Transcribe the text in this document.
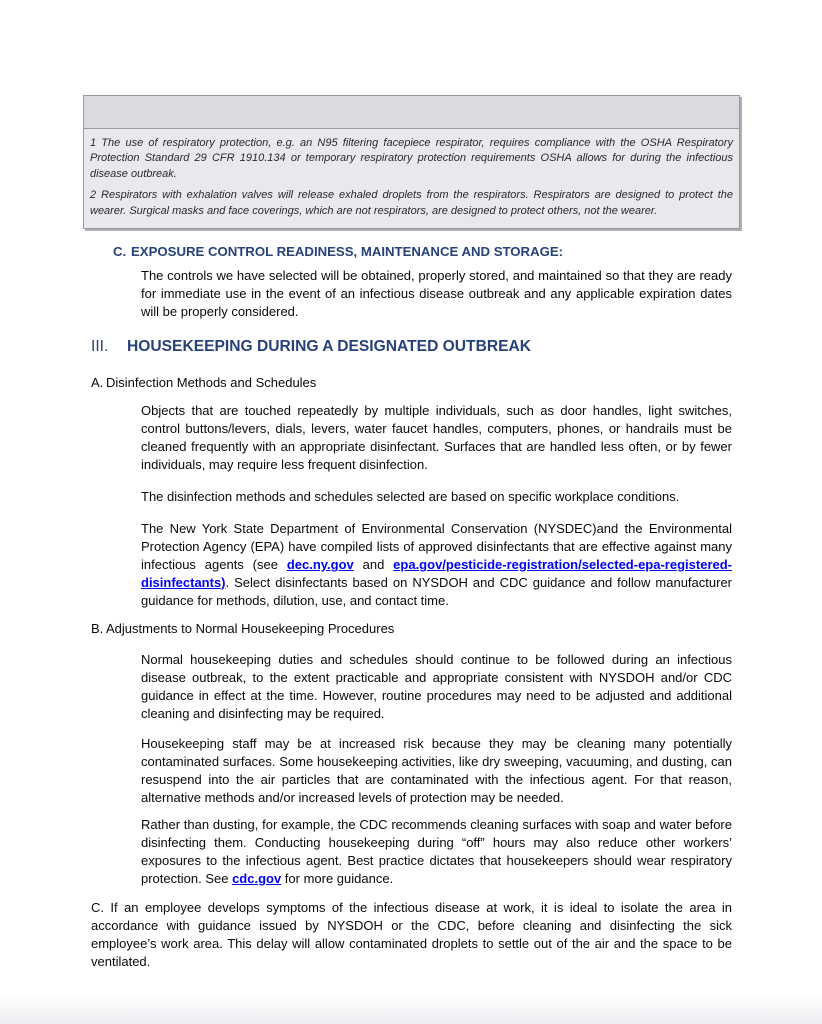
1 The use of respiratory protection, e.g. an N95 filtering facepiece respirator, requires compliance with the OSHA Respiratory Protection Standard 29 CFR 1910.134 or temporary respiratory protection requirements OSHA allows for during the infectious disease outbreak.

2 Respirators with exhalation valves will release exhaled droplets from the respirators. Respirators are designed to protect the wearer. Surgical masks and face coverings, which are not respirators, are designed to protect others, not the wearer.

C. EXPOSURE CONTROL READINESS, MAINTENANCE AND STORAGE:

The controls we have selected will be obtained, properly stored, and maintained so that they are ready for immediate use in the event of an infectious disease outbreak and any applicable expiration dates will be properly considered.

III. HOUSEKEEPING DURING A DESIGNATED OUTBREAK
A. Disinfection Methods and Schedules

Objects that are touched repeatedly by multiple individuals, such as door handles, light switches, control buttons/levers, dials, levers, water faucet handles, computers, phones, or handrails must be cleaned frequently with an appropriate disinfectant. Surfaces that are handled less often, or by fewer individuals, may require less frequent disinfection.

The disinfection methods and schedules selected are based on specific workplace conditions.

The New York State Department of Environmental Conservation (NYSDEC)and the Environmental Protection Agency (EPA) have compiled lists of approved disinfectants that are effective against many infectious agents (see dec.ny.gov and epa.gov/pesticide-registration/selected-epa-registered-disinfectants). Select disinfectants based on NYSDOH and CDC guidance and follow manufacturer guidance for methods, dilution, use, and contact time.

B. Adjustments to Normal Housekeeping Procedures

Normal housekeeping duties and schedules should continue to be followed during an infectious disease outbreak, to the extent practicable and appropriate consistent with NYSDOH and/or CDC guidance in effect at the time. However, routine procedures may need to be adjusted and additional cleaning and disinfecting may be required.

Housekeeping staff may be at increased risk because they may be cleaning many potentially contaminated surfaces. Some housekeeping activities, like dry sweeping, vacuuming, and dusting, can resuspend into the air particles that are contaminated with the infectious agent. For that reason, alternative methods and/or increased levels of protection may be needed.

Rather than dusting, for example, the CDC recommends cleaning surfaces with soap and water before disinfecting them. Conducting housekeeping during “off” hours may also reduce other workers’ exposures to the infectious agent. Best practice dictates that housekeepers should wear respiratory protection. See cdc.gov for more guidance.

C. If an employee develops symptoms of the infectious disease at work, it is ideal to isolate the area in accordance with guidance issued by NYSDOH or the CDC, before cleaning and disinfecting the sick employee’s work area. This delay will allow contaminated droplets to settle out of the air and the space to be ventilated.
